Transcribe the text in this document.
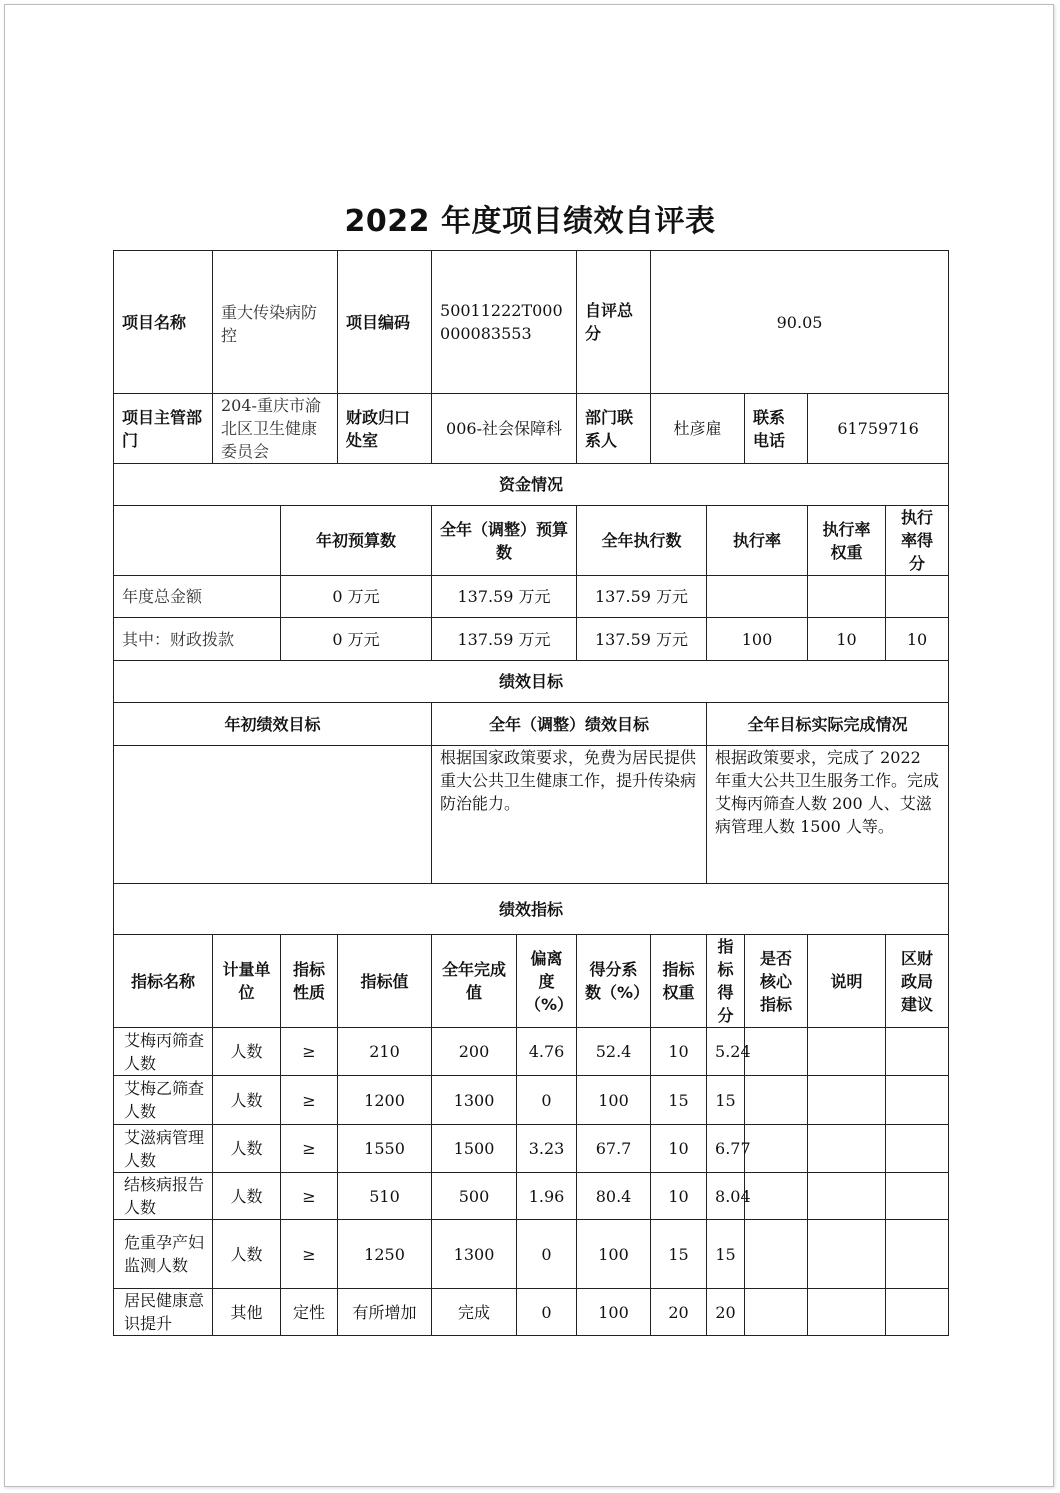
2022 年度项目绩效自评表
项目名称	重大传染病防控		项目编码	50011222T000000083553		自评总分	90.05				
项目主管部门	204-重庆市渝北区卫生健康委员会		财政归口处室	006-社会保障科		部门联系人	杜彦雇		联系电话	61759716	
资金情况											
		年初预算数		全年（调整）预算数		全年执行数		执行率		执行率权重	执行率得分
年度总金额		0 万元		137.59 万元		137.59 万元					
其中：财政拨款		0 万元		137.59 万元		137.59 万元		100		10	10
绩效目标											
年初绩效目标				全年（调整）绩效目标				全年目标实际完成情况			
				根据国家政策要求，免费为居民提供重大公共卫生健康工作，提升传染病防治能力。				根据政策要求，完成了 2022 年重大公共卫生服务工作。完成艾梅丙筛查人数 200 人、艾滋病管理人数 1500 人等。			
绩效指标											
指标名称	计量单位	指标性质	指标值	全年完成值	偏离度（%）	得分系数（%）	指标权重	指标得分	是否核心指标	说明	区财政局建议
艾梅丙筛查人数	人数	≥	210	200	4.76	52.4	10	5.24			
艾梅乙筛查人数	人数	≥	1200	1300	0	100	15	15			
艾滋病管理人数	人数	≥	1550	1500	3.23	67.7	10	6.77			
结核病报告人数	人数	≥	510	500	1.96	80.4	10	8.04			
危重孕产妇监测人数	人数	≥	1250	1300	0	100	15	15			
居民健康意识提升	其他	定性	有所增加	完成	0	100	20	20			
